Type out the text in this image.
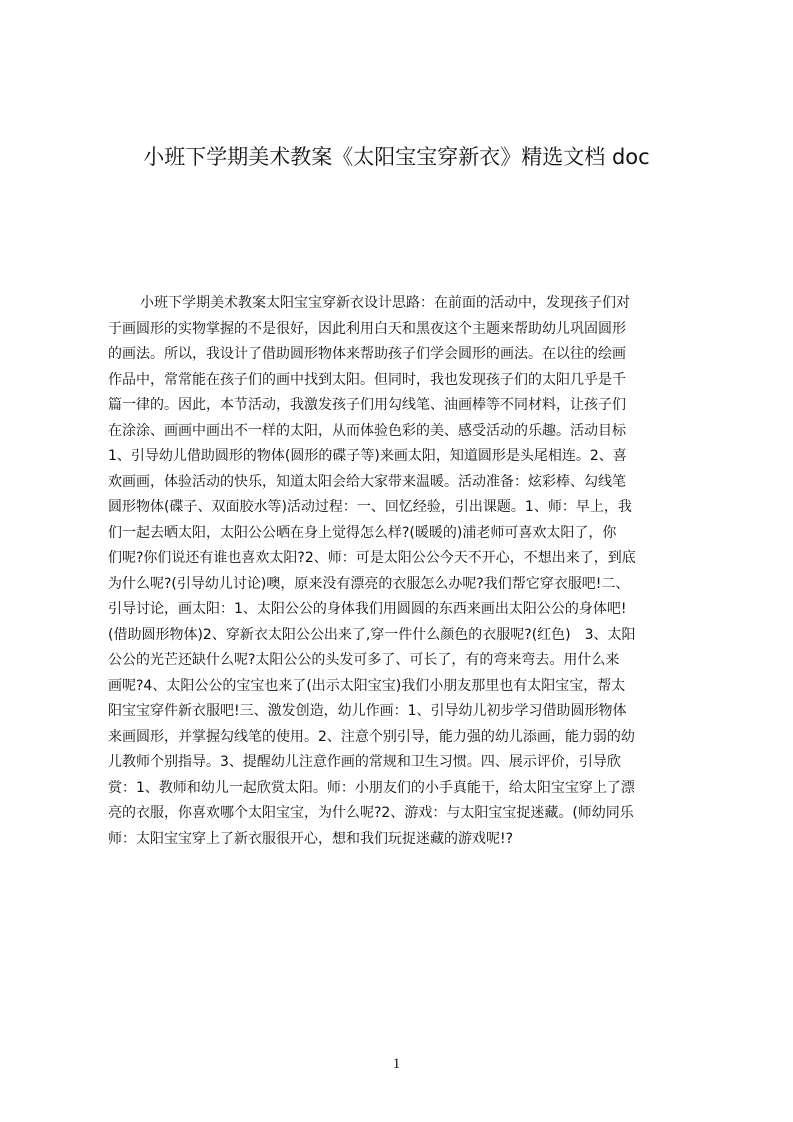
小班下学期美术教案《太阳宝宝穿新衣》精选文档 doc
小班下学期美术教案太阳宝宝穿新衣设计思路：在前面的活动中，发现孩子们对
于画圆形的实物掌握的不是很好，因此利用白天和黑夜这个主题来帮助幼儿巩固圆形
的画法。所以，我设计了借助圆形物体来帮助孩子们学会圆形的画法。在以往的绘画
作品中，常常能在孩子们的画中找到太阳。但同时，我也发现孩子们的太阳几乎是千
篇一律的。因此，本节活动，我激发孩子们用勾线笔、油画棒等不同材料，让孩子们
在涂涂、画画中画出不一样的太阳，从而体验色彩的美、感受活动的乐趣。活动目标
1、引导幼儿借助圆形的物体(圆形的碟子等)来画太阳，知道圆形是头尾相连。2、喜
欢画画，体验活动的快乐，知道太阳会给大家带来温暖。活动准备：炫彩棒、勾线笔
圆形物体(碟子、双面胶水等)活动过程：一、回忆经验，引出课题。1、师：早上，我
们一起去晒太阳，太阳公公晒在身上觉得怎么样?(暖暖的)浦老师可喜欢太阳了，你
们呢?你们说还有谁也喜欢太阳?2、师：可是太阳公公今天不开心，不想出来了，到底
为什么呢?(引导幼儿讨论)噢，原来没有漂亮的衣服怎么办呢?我们帮它穿衣服吧!二、
引导讨论，画太阳：1、太阳公公的身体我们用圆圆的东西来画出太阳公公的身体吧!
(借助圆形物体)2、穿新衣太阳公公出来了,穿一件什么颜色的衣服呢?(红色)　3、太阳
公公的光芒还缺什么呢?太阳公公的头发可多了、可长了，有的弯来弯去。用什么来
画呢?4、太阳公公的宝宝也来了(出示太阳宝宝)我们小朋友那里也有太阳宝宝，帮太
阳宝宝穿件新衣服吧!三、激发创造，幼儿作画：1、引导幼儿初步学习借助圆形物体
来画圆形，并掌握勾线笔的使用。2、注意个别引导，能力强的幼儿添画，能力弱的幼
儿教师个别指导。3、提醒幼儿注意作画的常规和卫生习惯。四、展示评价，引导欣
赏：1、教师和幼儿一起欣赏太阳。师：小朋友们的小手真能干，给太阳宝宝穿上了漂
亮的衣服，你喜欢哪个太阳宝宝，为什么呢?2、游戏：与太阳宝宝捉迷藏。(师幼同乐
师：太阳宝宝穿上了新衣服很开心，想和我们玩捉迷藏的游戏呢!?
1
